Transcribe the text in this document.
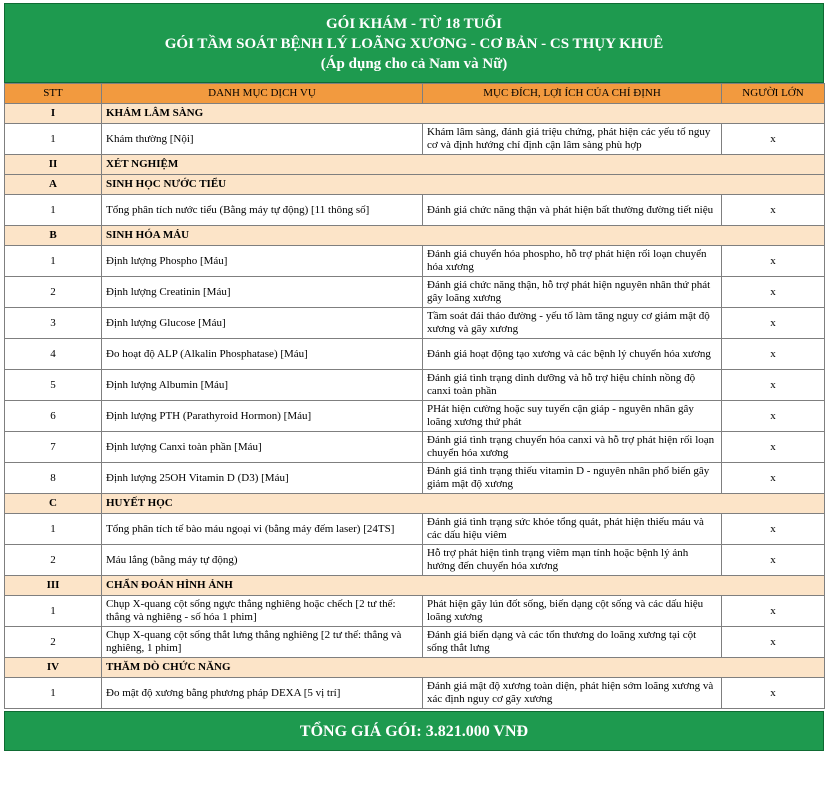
GÓI KHÁM - TỪ 18 TUỔI
GÓI TẦM SOÁT BỆNH LÝ LOÃNG XƯƠNG - CƠ BẢN - CS THỤY KHUÊ
(Áp dụng cho cả Nam và Nữ)
STT	DANH MỤC DỊCH VỤ	MỤC ĐÍCH, LỢI ÍCH CỦA CHỈ ĐỊNH	NGƯỜI LỚN
I	KHÁM LÂM SÀNG		
1	Khám thường [Nội]	Khám lâm sàng, đánh giá triệu chứng, phát hiện các yếu tố nguy cơ và định hướng chỉ định cận lâm sàng phù hợp	x
II	XÉT NGHIỆM		
A	SINH HỌC NƯỚC TIỂU		
1	Tổng phân tích nước tiểu (Bằng máy tự động) [11 thông số]	Đánh giá chức năng thận và phát hiện bất thường đường tiết niệu	x
B	SINH HÓA MÁU		
1	Định lượng Phospho [Máu]	Đánh giá chuyển hóa phospho, hỗ trợ phát hiện rối loạn chuyển hóa xương	x
2	Định lượng Creatinin [Máu]	Đánh giá chức năng thận, hỗ trợ phát hiện nguyên nhân thứ phát gây loãng xương	x
3	Định lượng Glucose [Máu]	Tầm soát đái tháo đường - yếu tố làm tăng nguy cơ giảm mật độ xương và gãy xương	x
4	Đo hoạt độ ALP (Alkalin Phosphatase) [Máu]	Đánh giá hoạt động tạo xương và các bệnh lý chuyển hóa xương	x
5	Định lượng Albumin [Máu]	Đánh giá tình trạng dinh dưỡng và hỗ trợ hiệu chỉnh nồng độ canxi toàn phần	x
6	Định lượng PTH (Parathyroid Hormon) [Máu]	PHát hiện cường hoặc suy tuyến cận giáp - nguyên nhân gây loãng xương thứ phát	x
7	Định lượng Canxi toàn phần [Máu]	Đánh giá tình trạng chuyển hóa canxi và hỗ trợ phát hiện rối loạn chuyển hóa xương	x
8	Định lượng 25OH Vitamin D (D3) [Máu]	Đánh giá tình trạng thiếu vitamin D - nguyên nhân phổ biến gây giảm mật độ xương	x
C	HUYẾT HỌC		
1	Tổng phân tích tế bào máu ngoại vi (bằng máy đếm laser) [24TS]	Đánh giá tình trạng sức khỏe tổng quát, phát hiện thiếu máu và các dấu hiệu viêm	x
2	Máu lắng (bằng máy tự động)	Hỗ trợ phát hiện tình trạng viêm mạn tính hoặc bệnh lý ảnh hưởng đến chuyển hóa xương	x
III	CHẨN ĐOÁN HÌNH ẢNH		
1	Chụp X-quang cột sống ngực thẳng nghiêng hoặc chếch [2 tư thế: thẳng và nghiêng - số hóa 1 phim]	Phát hiện gãy lún đốt sống, biến dạng cột sống và các dấu hiệu loãng xương	x
2	Chụp X-quang cột sống thắt lưng thẳng nghiêng [2 tư thế: thẳng và nghiêng, 1 phim]	Đánh giá biến dạng và các tổn thương do loãng xương tại cột sống thắt lưng	x
IV	THĂM DÒ CHỨC NĂNG		
1	Đo mật độ xương bằng phương pháp DEXA [5 vị trí]	Đánh giá mật độ xương toàn diện, phát hiện sớm loãng xương và xác định nguy cơ gãy xương	x
TỔNG GIÁ GÓI: 3.821.000 VNĐ
